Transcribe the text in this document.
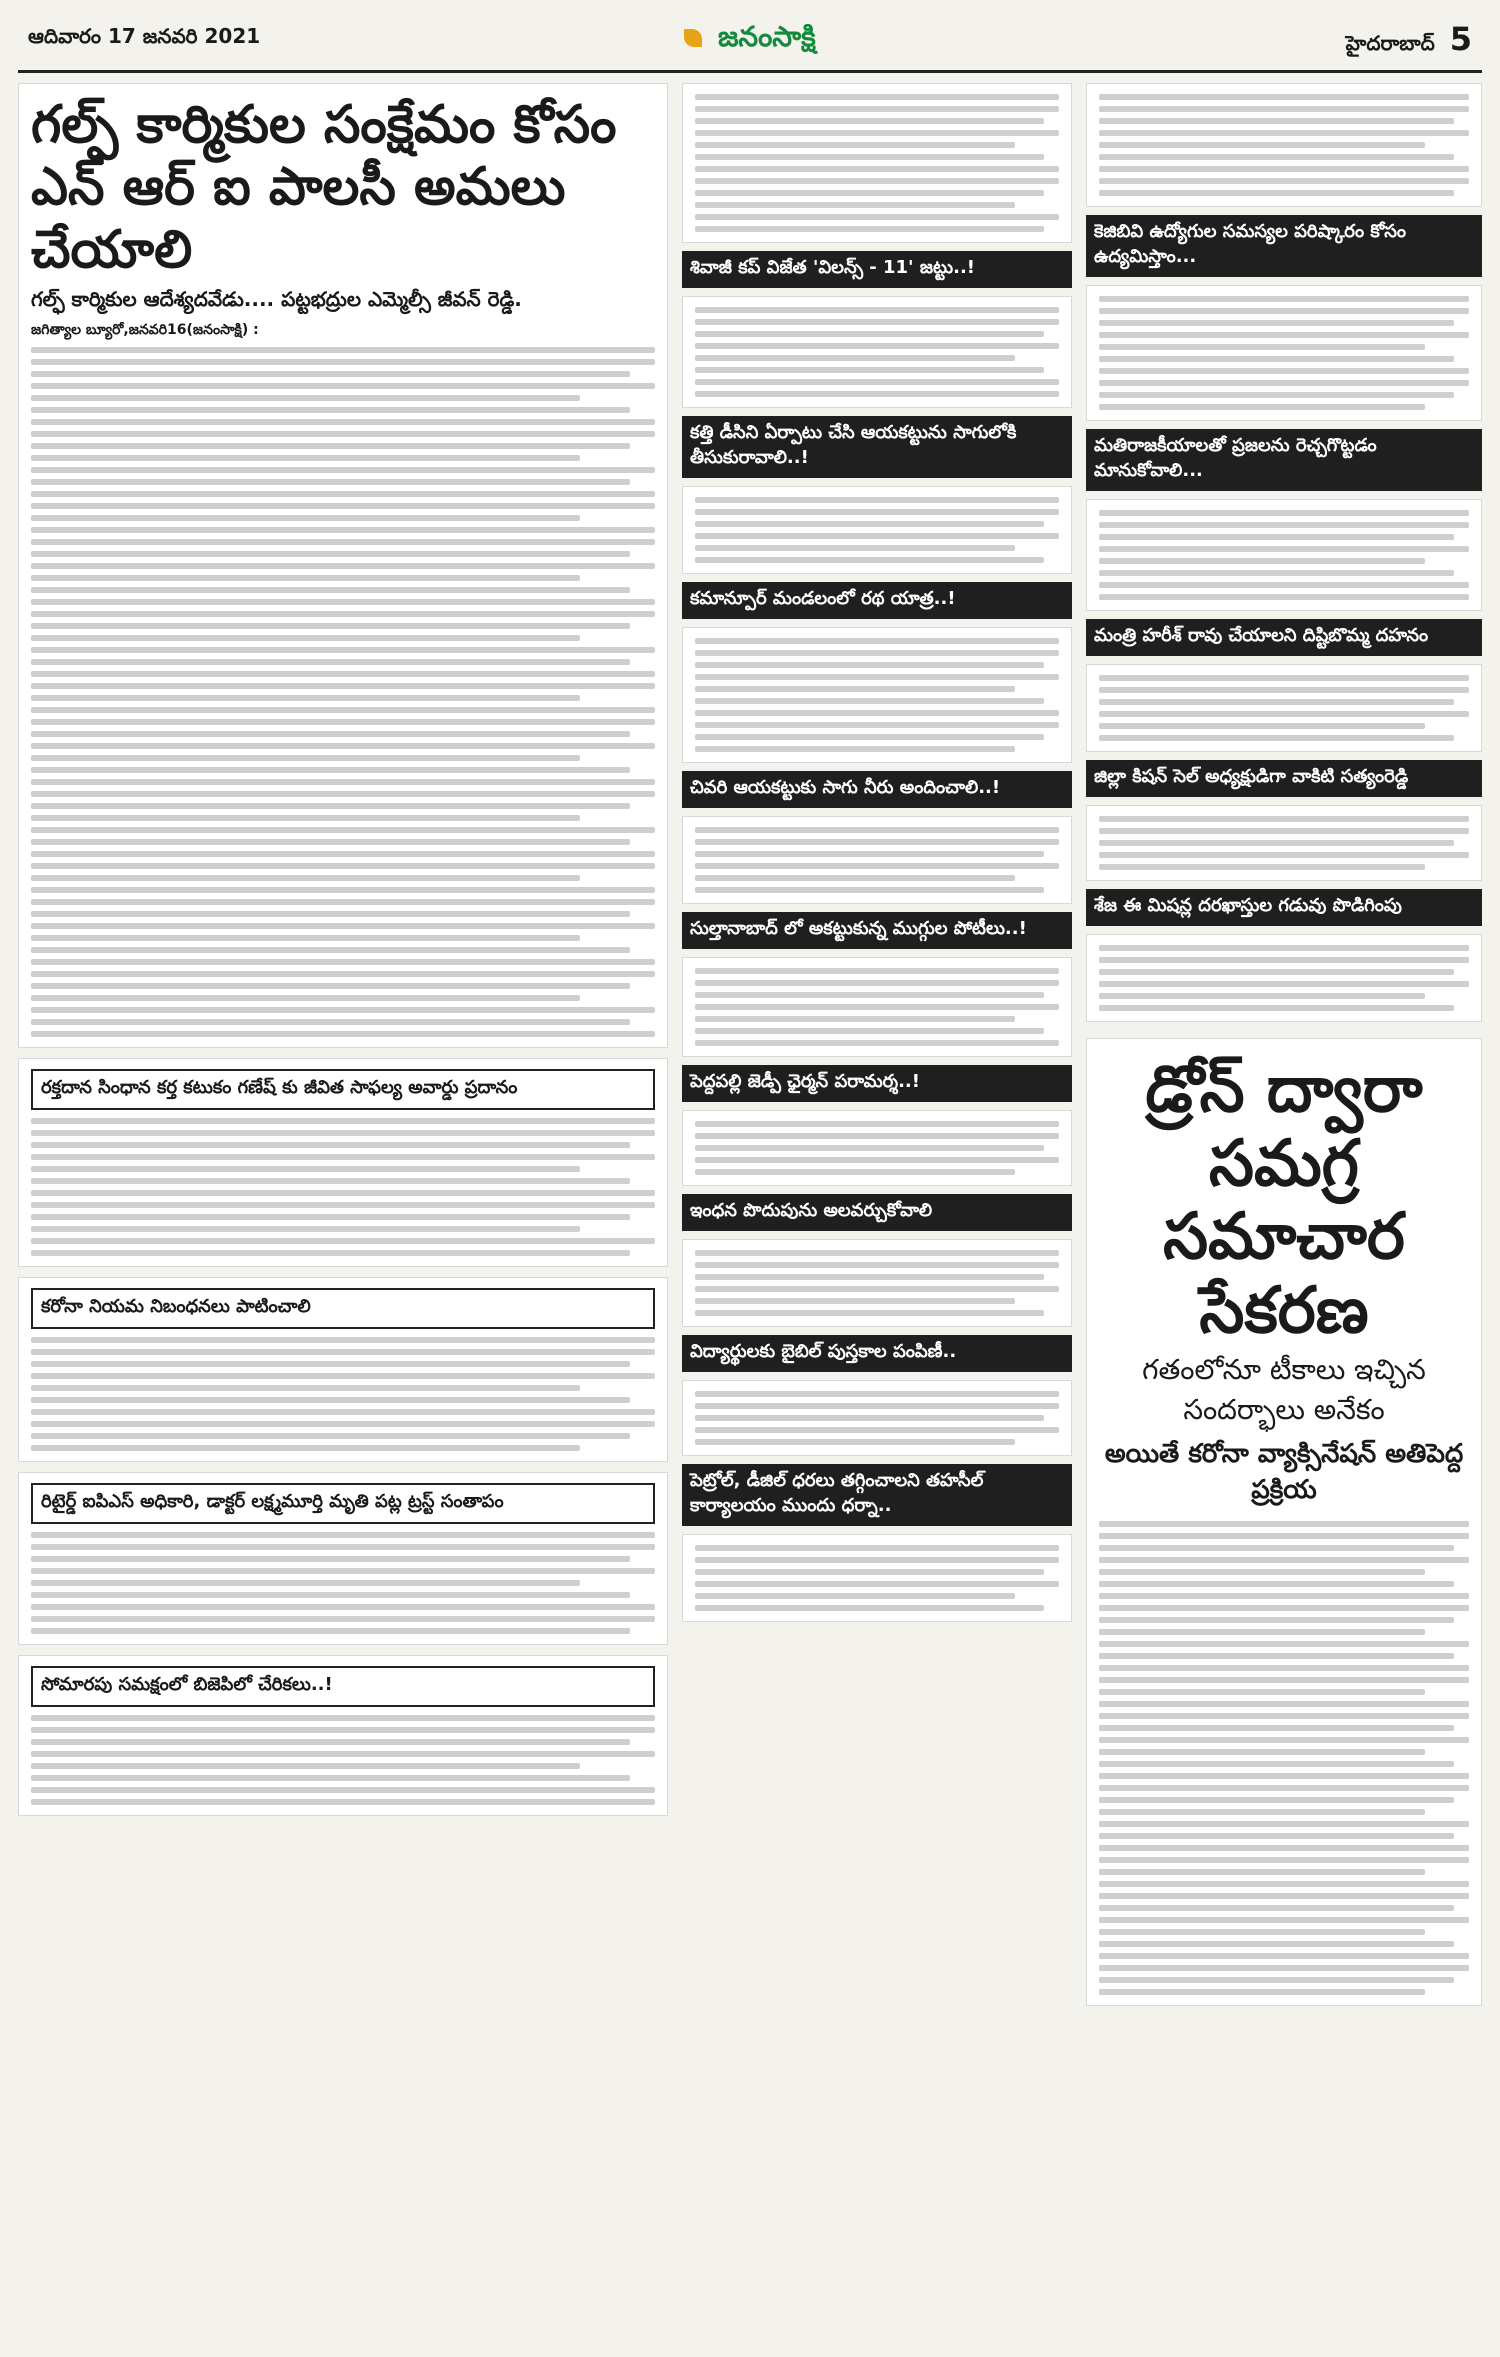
ఆదివారం 17 జనవరి 2021	జనంసాక్షి	హైదరాబాద్ 5
గల్ఫ్ కార్మికుల సంక్షేమం కోసం ఎన్ ఆర్ ఐ పాలసీ అమలు చేయాలి
గల్ఫ్ కార్మికుల ఆదేశ్యదవేడు.... పట్టభద్రుల ఎమ్మెల్సీ జీవన్ రెడ్డి.
జగిత్యాల బ్యూరో,జనవరి16(జనంసాక్షి) :
రక్తదాన సింధాన కర్త కటుకం గణేష్ కు జీవిత సాఫల్య అవార్డు ప్రదానం
కరోనా నియమ నిబంధనలు పాటించాలి
రిటైర్డ్ ఐపిఎస్ అధికారి, డాక్టర్ లక్ష్మమూర్తి మృతి పట్ల ట్రస్ట్ సంతాపం
సోమారపు సమక్షంలో బిజెపిలో చేరికలు..!
శివాజీ కప్ విజేత 'విలన్స్ - 11' జట్టు..!
కత్తి డీసిని ఏర్పాటు చేసి ఆయకట్టును సాగులోకి తీసుకురావాలి..!
కమాన్పూర్ మండలంలో రథ యాత్ర..!
చివరి ఆయకట్టుకు సాగు నీరు అందించాలి..!
సుల్తానాబాద్ లో అకట్టుకున్న ముగ్గుల పోటీలు..!
పెద్దపల్లి జెడ్పీ ఛైర్మన్ పరామర్శ..!
ఇంధన పొదుపును అలవర్చుకోవాలి
విద్యార్థులకు బైబిల్ పుస్తకాల పంపిణీ..
పెట్రోల్, డీజిల్ ధరలు తగ్గించాలని తహసీల్ కార్యాలయం ముందు ధర్నా..
కెజిబివి ఉద్యోగుల సమస్యల పరిష్కారం కోసం ఉద్యమిస్తాం...
మతిరాజకీయాలతో ప్రజలను రెచ్చగొట్టడం మానుకోవాలి...
మంత్రి హరీశ్ రావు చేయాలని దిష్టిబొమ్మ దహనం
జిల్లా కిషన్ సెల్ అధ్యక్షుడిగా వాకిటి సత్యంరెడ్డి
శేజ ఈ మిషన్ల దరఖాస్తుల గడువు పొడిగింపు
డ్రోన్ ద్వారా సమగ్ర సమాచార సేకరణ
గతంలోనూ టీకాలు ఇచ్చిన సందర్భాలు అనేకం
అయితే కరోనా వ్యాక్సినేషన్ అతిపెద్ద ప్రక్రియ
